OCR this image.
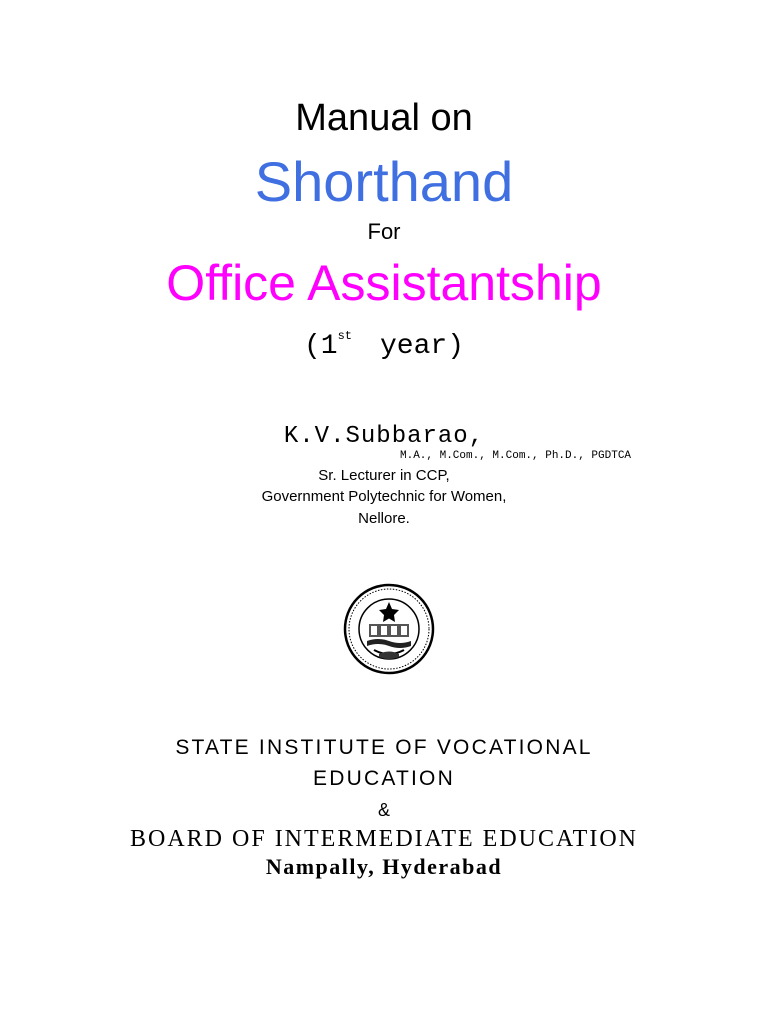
Manual on
Shorthand
For
Office Assistantship
(1st year)
K.V.Subbarao,
M.A., M.Com., M.Com., Ph.D., PGDTCA
Sr. Lecturer in CCP,
Government Polytechnic for Women,
Nellore.
STATE INSTITUTE OF VOCATIONAL
EDUCATION
&
BOARD OF INTERMEDIATE EDUCATION
Nampally, Hyderabad
